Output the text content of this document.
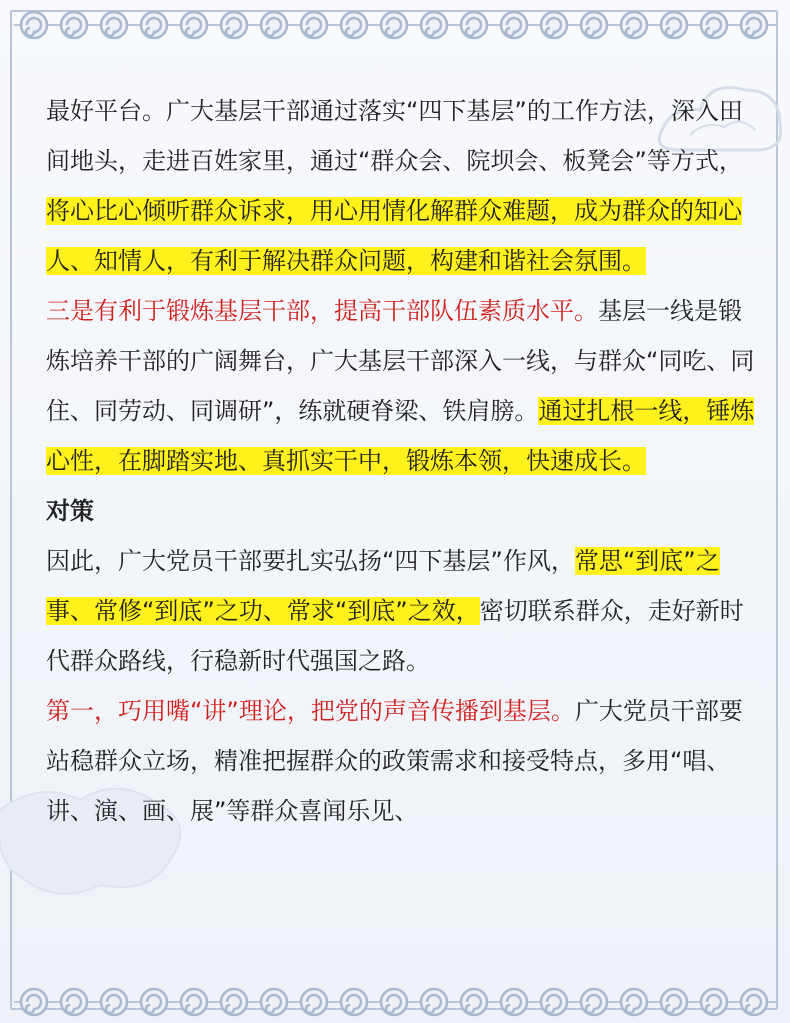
最好平台。广大基层干部通过落实“四下基层”的工作方法，深入田间地头，走进百姓家里，通过“群众会、院坝会、板凳会”等方式，将心比心倾听群众诉求，用心用情化解群众难题，成为群众的知心人、知情人，有利于解决群众问题，构建和谐社会氛围。

三是有利于锻炼基层干部，提高干部队伍素质水平。基层一线是锻炼培养干部的广阔舞台，广大基层干部深入一线，与群众“同吃、同住、同劳动、同调研”，练就硬脊梁、铁肩膀。通过扎根一线，锤炼心性，在脚踏实地、真抓实干中，锻炼本领，快速成长。

对策

因此，广大党员干部要扎实弘扬“四下基层”作风，常思“到底”之事、常修“到底”之功、常求“到底”之效，密切联系群众，走好新时代群众路线，行稳新时代强国之路。

第一，巧用嘴“讲”理论，把党的声音传播到基层。广大党员干部要站稳群众立场，精准把握群众的政策需求和接受特点，多用“唱、讲、演、画、展”等群众喜闻乐见、
